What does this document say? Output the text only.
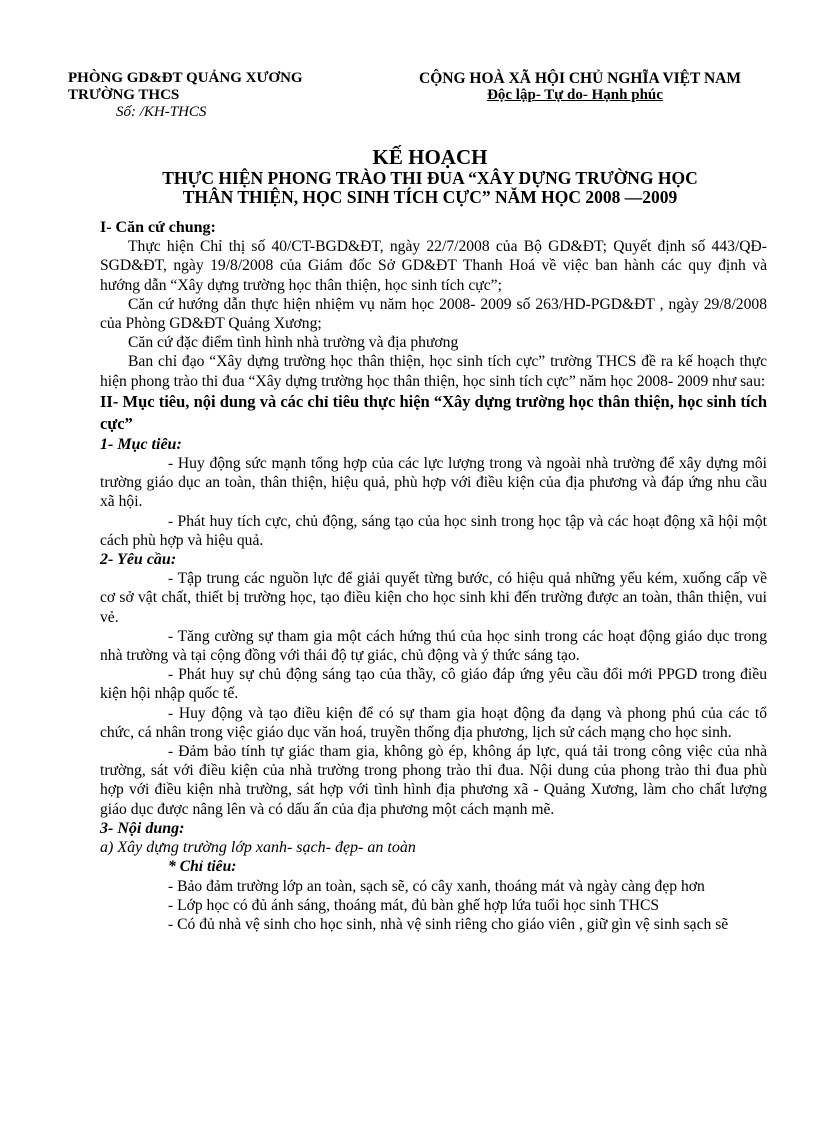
PHÒNG GD&ĐT QUẢNG XƯƠNG
TRƯỜNG THCS
Số: /KH-THCS
CỘNG HOÀ XÃ HỘI CHỦ NGHĨA VIỆT NAM
Độc lập- Tự do- Hạnh phúc
KẾ HOẠCH
THỰC HIỆN PHONG TRÀO THI ĐUA “XÂY DỰNG TRƯỜNG HỌC
THÂN THIỆN, HỌC SINH TÍCH CỰC” NĂM HỌC 2008 —2009

I- Căn cứ chung:

Thực hiện Chỉ thị số 40/CT-BGD&ĐT, ngày 22/7/2008 của Bộ GD&ĐT; Quyết định số 443/QĐ-SGD&ĐT, ngày 19/8/2008 của Giám đốc Sở GD&ĐT Thanh Hoá về việc ban hành các quy định và hướng dẫn “Xây dựng trường học thân thiện, học sinh tích cực”;

Căn cứ hướng dẫn thực hiện nhiệm vụ năm học 2008- 2009 số 263/HD-PGD&ĐT , ngày 29/8/2008 của Phòng GD&ĐT Quảng Xương;

Căn cứ đặc điểm tình hình nhà trường và địa phương

Ban chỉ đạo “Xây dựng trường học thân thiện, học sinh tích cực” trường THCS đề ra kế hoạch thực hiện phong trào thi đua “Xây dựng trường học thân thiện, học sinh tích cực” năm học 2008- 2009 như sau:

II- Mục tiêu, nội dung và các chỉ tiêu thực hiện “Xây dựng trường học thân thiện, học sinh tích cực”

1- Mục tiêu:

- Huy động sức mạnh tổng hợp của các lực lượng trong và ngoài nhà trường để xây dựng môi trường giáo dục an toàn, thân thiện, hiệu quả, phù hợp với điều kiện của địa phương và đáp ứng nhu cầu xã hội.

- Phát huy tích cực, chủ động, sáng tạo của học sinh trong học tập và các hoạt động xã hội một cách phù hợp và hiệu quả.

2- Yêu cầu:

- Tập trung các nguồn lực để giải quyết từng bước, có hiệu quả những yếu kém, xuống cấp về cơ sở vật chất, thiết bị trường học, tạo điều kiện cho học sinh khi đến trường được an toàn, thân thiện, vui vẻ.

- Tăng cường sự tham gia một cách hứng thú của học sinh trong các hoạt động giáo dục trong nhà trường và tại cộng đồng với thái độ tự giác, chủ động và ý thức sáng tạo.

- Phát huy sự chủ động sáng tạo của thầy, cô giáo đáp ứng yêu cầu đổi mới PPGD trong điều kiện hội nhập quốc tế.

- Huy động và tạo điều kiện để có sự tham gia hoạt động đa dạng và phong phú của các tổ chức, cá nhân trong việc giáo dục văn hoá, truyền thống địa phương, lịch sử cách mạng cho học sinh.

- Đảm bảo tính tự giác tham gia, không gò ép, không áp lực, quá tải trong công việc của nhà trường, sát với điều kiện của nhà trường trong phong trào thi đua. Nội dung của phong trào thi đua phù hợp với điều kiện nhà trường, sát hợp với tình hình địa phương xã - Quảng Xương, làm cho chất lượng giáo dục được nâng lên và có dấu ấn của địa phương một cách mạnh mẽ.

3- Nội dung:

a) Xây dựng trường lớp xanh- sạch- đẹp- an toàn

* Chỉ tiêu:

- Bảo đảm trường lớp an toàn, sạch sẽ, có cây xanh, thoáng mát và ngày càng đẹp hơn

- Lớp học có đủ ánh sáng, thoáng mát, đủ bàn ghế hợp lứa tuổi học sinh THCS

- Có đủ nhà vệ sinh cho học sinh, nhà vệ sinh riêng cho giáo viên , giữ gìn vệ sinh sạch sẽ
